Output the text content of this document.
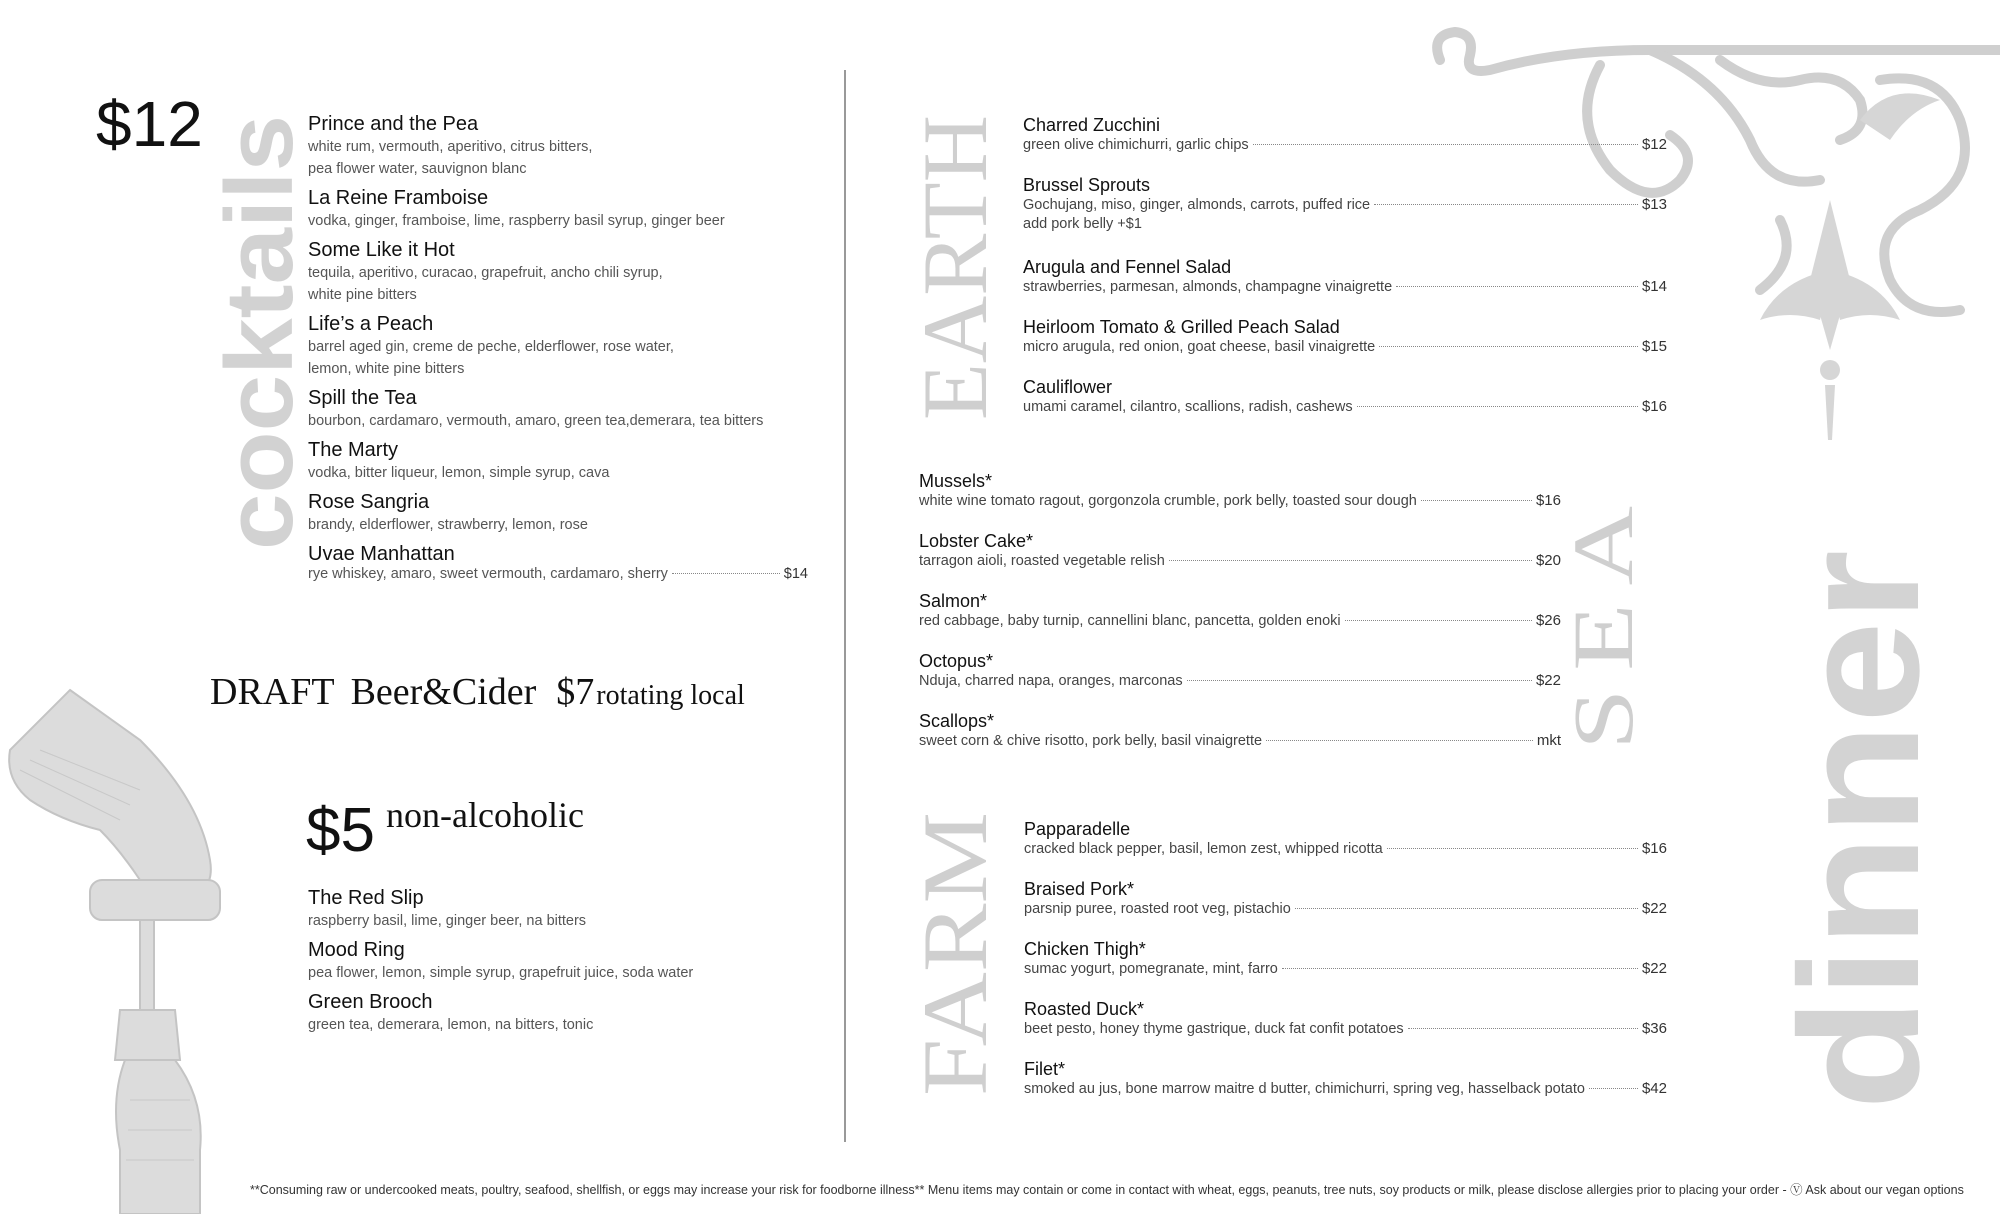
$12
cocktails
Prince and the Pea
white rum, vermouth, aperitivo, citrus bitters,
pea flower water, sauvignon blanc
La Reine Framboise
vodka, ginger, framboise, lime, raspberry basil syrup, ginger beer
Some Like it Hot
tequila, aperitivo, curacao, grapefruit, ancho chili syrup,
white pine bitters
Life’s a Peach
barrel aged gin, creme de peche, elderflower, rose water,
lemon, white pine bitters
Spill the Tea
bourbon, cardamaro, vermouth, amaro, green tea,demerara, tea bitters
The Marty
vodka, bitter liqueur, lemon, simple syrup, cava
Rose Sangria
brandy, elderflower, strawberry, lemon, rose
Uvae Manhattan
rye whiskey, amaro, sweet vermouth, cardamaro, sherry	$14
DRAFT Beer&Cider $7 rotating local
$5 non-alcoholic
The Red Slip
raspberry basil, lime, ginger beer, na bitters
Mood Ring
pea flower, lemon, simple syrup, grapefruit juice, soda water
Green Brooch
green tea, demerara, lemon, na bitters, tonic
EARTH Charred Zucchini
green olive chimichurri, garlic chips	$12
Brussel Sprouts
Gochujang, miso, ginger, almonds, carrots, puffed rice	$13
add pork belly +$1
Arugula and Fennel Salad
strawberries, parmesan, almonds, champagne vinaigrette	$14
Heirloom Tomato & Grilled Peach Salad
micro arugula, red onion, goat cheese, basil vinaigrette	$15
Cauliflower
umami caramel, cilantro, scallions, radish, cashews	$16
SEA
Mussels*
white wine tomato ragout, gorgonzola crumble, pork belly, toasted sour dough	$16
Lobster Cake*
tarragon aioli, roasted vegetable relish	$20
Salmon*
red cabbage, baby turnip, cannellini blanc, pancetta, golden enoki	$26
Octopus*
Nduja, charred napa, oranges, marconas	$22
Scallops*
sweet corn & chive risotto, pork belly, basil vinaigrette	mkt
FARM
Papparadelle
cracked black pepper, basil, lemon zest, whipped ricotta	$16
Braised Pork*
parsnip puree, roasted root veg, pistachio	$22
Chicken Thigh*
sumac yogurt, pomegranate, mint, farro	$22
Roasted Duck*
beet pesto, honey thyme gastrique, duck fat confit potatoes	$36
Filet*
smoked au jus, bone marrow maitre d butter, chimichurri, spring veg, hasselback potato	$42 dinner
**Consuming raw or undercooked meats, poultry, seafood, shellfish, or eggs may increase your risk for foodborne illness** Menu items may contain or come in contact with wheat, eggs, peanuts, tree nuts, soy products or milk, please disclose allergies prior to placing your order - Ⓥ Ask about our vegan options
